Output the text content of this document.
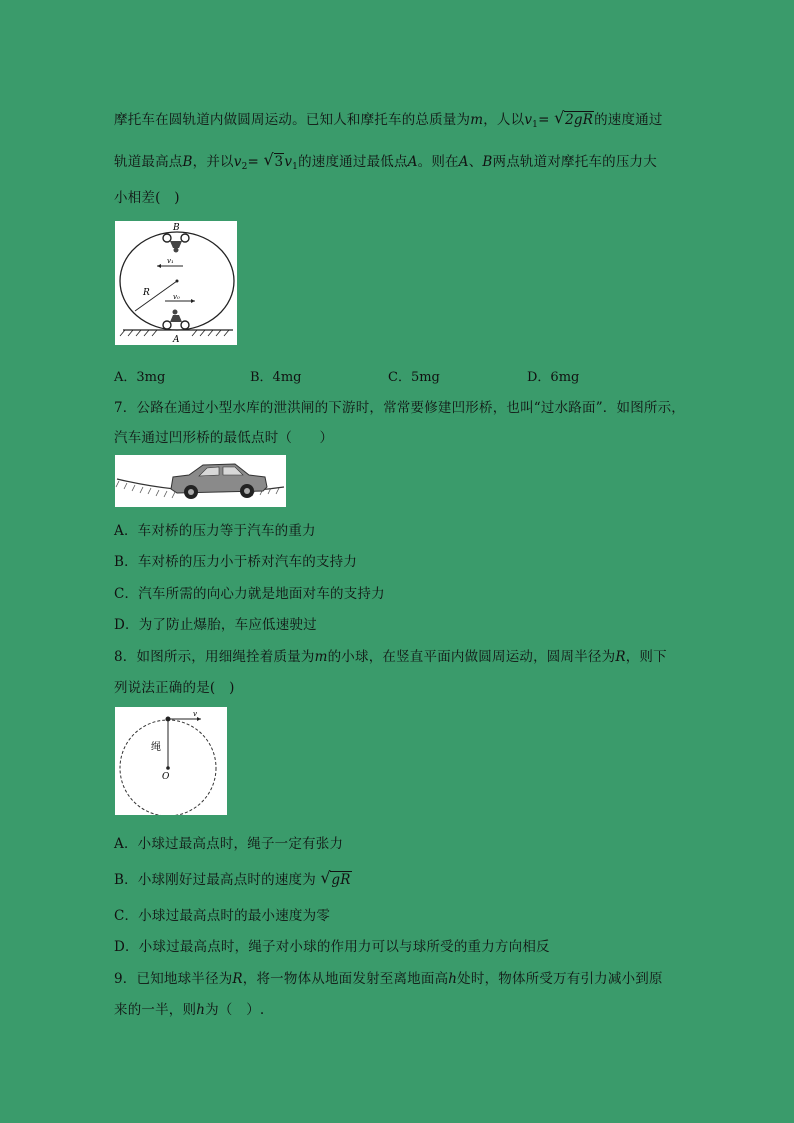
摩托车在圆轨道内做圆周运动。已知人和摩托车的总质量为m，人以$v_1=$ √ 2gR的速度通过
轨道最高点B，并以$v_2=$ √ $3v_1$的速度通过最低点A。则在A、B两点轨道对摩托车的压力大
小相差(　)
B
A
R
v₁
v₀
A．3mg	B．4mg	C．5mg	D．6mg
7．公路在通过小型水库的泄洪闸的下游时，常常要修建凹形桥，也叫“过水路面”．如图所示，
汽车通过凹形桥的最低点时（　　）
A．车对桥的压力等于汽车的重力
B．车对桥的压力小于桥对汽车的支持力
C．汽车所需的向心力就是地面对车的支持力
D．为了防止爆胎，车应低速驶过
8．如图所示，用细绳拴着质量为m的小球，在竖直平面内做圆周运动，圆周半径为R，则下
列说法正确的是(　)
绳
O
v
A．小球过最高点时，绳子一定有张力
B．小球刚好过最高点时的速度为 √ gR
C．小球过最高点时的最小速度为零
D．小球过最高点时，绳子对小球的作用力可以与球所受的重力方向相反
9．已知地球半径为R，将一物体从地面发射至离地面高h处时，物体所受万有引力减小到原
来的一半，则h为（　）.
